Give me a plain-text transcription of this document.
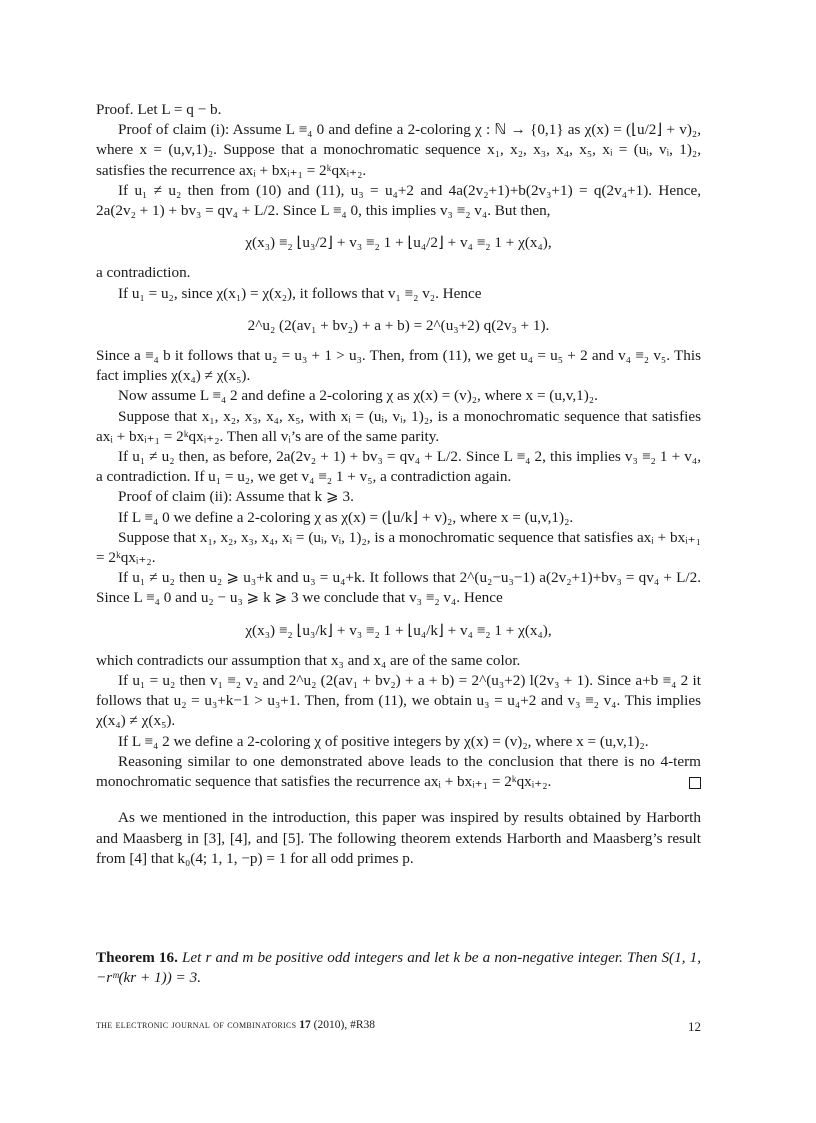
Proof. Let L = q − b.

Proof of claim (i): Assume L ≡₄ 0 and define a 2-coloring χ : ℕ → {0,1} as χ(x) = (⌊u/2⌋ + v)₂, where x = (u,v,1)₂. Suppose that a monochromatic sequence x₁, x₂, x₃, x₄, x₅, xᵢ = (uᵢ, vᵢ, 1)₂, satisfies the recurrence axᵢ + bxᵢ₊₁ = 2ᵏqxᵢ₊₂.

If u₁ ≠ u₂ then from (10) and (11), u₃ = u₄+2 and 4a(2v₂+1)+b(2v₃+1) = q(2v₄+1). Hence, 2a(2v₂ + 1) + bv₃ = qv₄ + L/2. Since L ≡₄ 0, this implies v₃ ≡₂ v₄. But then,

χ(x₃) ≡₂ ⌊u₃/2⌋ + v₃ ≡₂ 1 + ⌊u₄/2⌋ + v₄ ≡₂ 1 + χ(x₄),

a contradiction.

If u₁ = u₂, since χ(x₁) = χ(x₂), it follows that v₁ ≡₂ v₂. Hence

2^u₂ (2(av₁ + bv₂) + a + b) = 2^(u₃+2) q(2v₃ + 1).

Since a ≡₄ b it follows that u₂ = u₃ + 1 > u₃. Then, from (11), we get u₄ = u₅ + 2 and v₄ ≡₂ v₅. This fact implies χ(x₄) ≠ χ(x₅).

Now assume L ≡₄ 2 and define a 2-coloring χ as χ(x) = (v)₂, where x = (u,v,1)₂.

Suppose that x₁, x₂, x₃, x₄, x₅, with xᵢ = (uᵢ, vᵢ, 1)₂, is a monochromatic sequence that satisfies axᵢ + bxᵢ₊₁ = 2ᵏqxᵢ₊₂. Then all vᵢ’s are of the same parity.

If u₁ ≠ u₂ then, as before, 2a(2v₂ + 1) + bv₃ = qv₄ + L/2. Since L ≡₄ 2, this implies v₃ ≡₂ 1 + v₄, a contradiction. If u₁ = u₂, we get v₄ ≡₂ 1 + v₅, a contradiction again.

Proof of claim (ii): Assume that k ⩾ 3.

If L ≡₄ 0 we define a 2-coloring χ as χ(x) = (⌊u/k⌋ + v)₂, where x = (u,v,1)₂.

Suppose that x₁, x₂, x₃, x₄, xᵢ = (uᵢ, vᵢ, 1)₂, is a monochromatic sequence that satisfies axᵢ + bxᵢ₊₁ = 2ᵏqxᵢ₊₂.

If u₁ ≠ u₂ then u₂ ⩾ u₃+k and u₃ = u₄+k. It follows that 2^(u₂−u₃−1) a(2v₂+1)+bv₃ = qv₄ + L/2. Since L ≡₄ 0 and u₂ − u₃ ⩾ k ⩾ 3 we conclude that v₃ ≡₂ v₄. Hence

χ(x₃) ≡₂ ⌊u₃/k⌋ + v₃ ≡₂ 1 + ⌊u₄/k⌋ + v₄ ≡₂ 1 + χ(x₄),

which contradicts our assumption that x₃ and x₄ are of the same color.

If u₁ = u₂ then v₁ ≡₂ v₂ and 2^u₂ (2(av₁ + bv₂) + a + b) = 2^(u₃+2) l(2v₃ + 1). Since a+b ≡₄ 2 it follows that u₂ = u₃+k−1 > u₃+1. Then, from (11), we obtain u₃ = u₄+2 and v₃ ≡₂ v₄. This implies χ(x₄) ≠ χ(x₅).

If L ≡₄ 2 we define a 2-coloring χ of positive integers by χ(x) = (v)₂, where x = (u,v,1)₂.

Reasoning similar to one demonstrated above leads to the conclusion that there is no 4-term monochromatic sequence that satisfies the recurrence axᵢ + bxᵢ₊₁ = 2ᵏqxᵢ₊₂.

As we mentioned in the introduction, this paper was inspired by results obtained by Harborth and Maasberg in [3], [4], and [5]. The following theorem extends Harborth and Maasberg’s result from [4] that k₀(4; 1, 1, −p) = 1 for all odd primes p.

Theorem 16. Let r and m be positive odd integers and let k be a non-negative integer. Then S(1, 1, −rᵐ(kr + 1)) = 3.

the electronic journal of combinatorics 17 (2010), #R38	12
